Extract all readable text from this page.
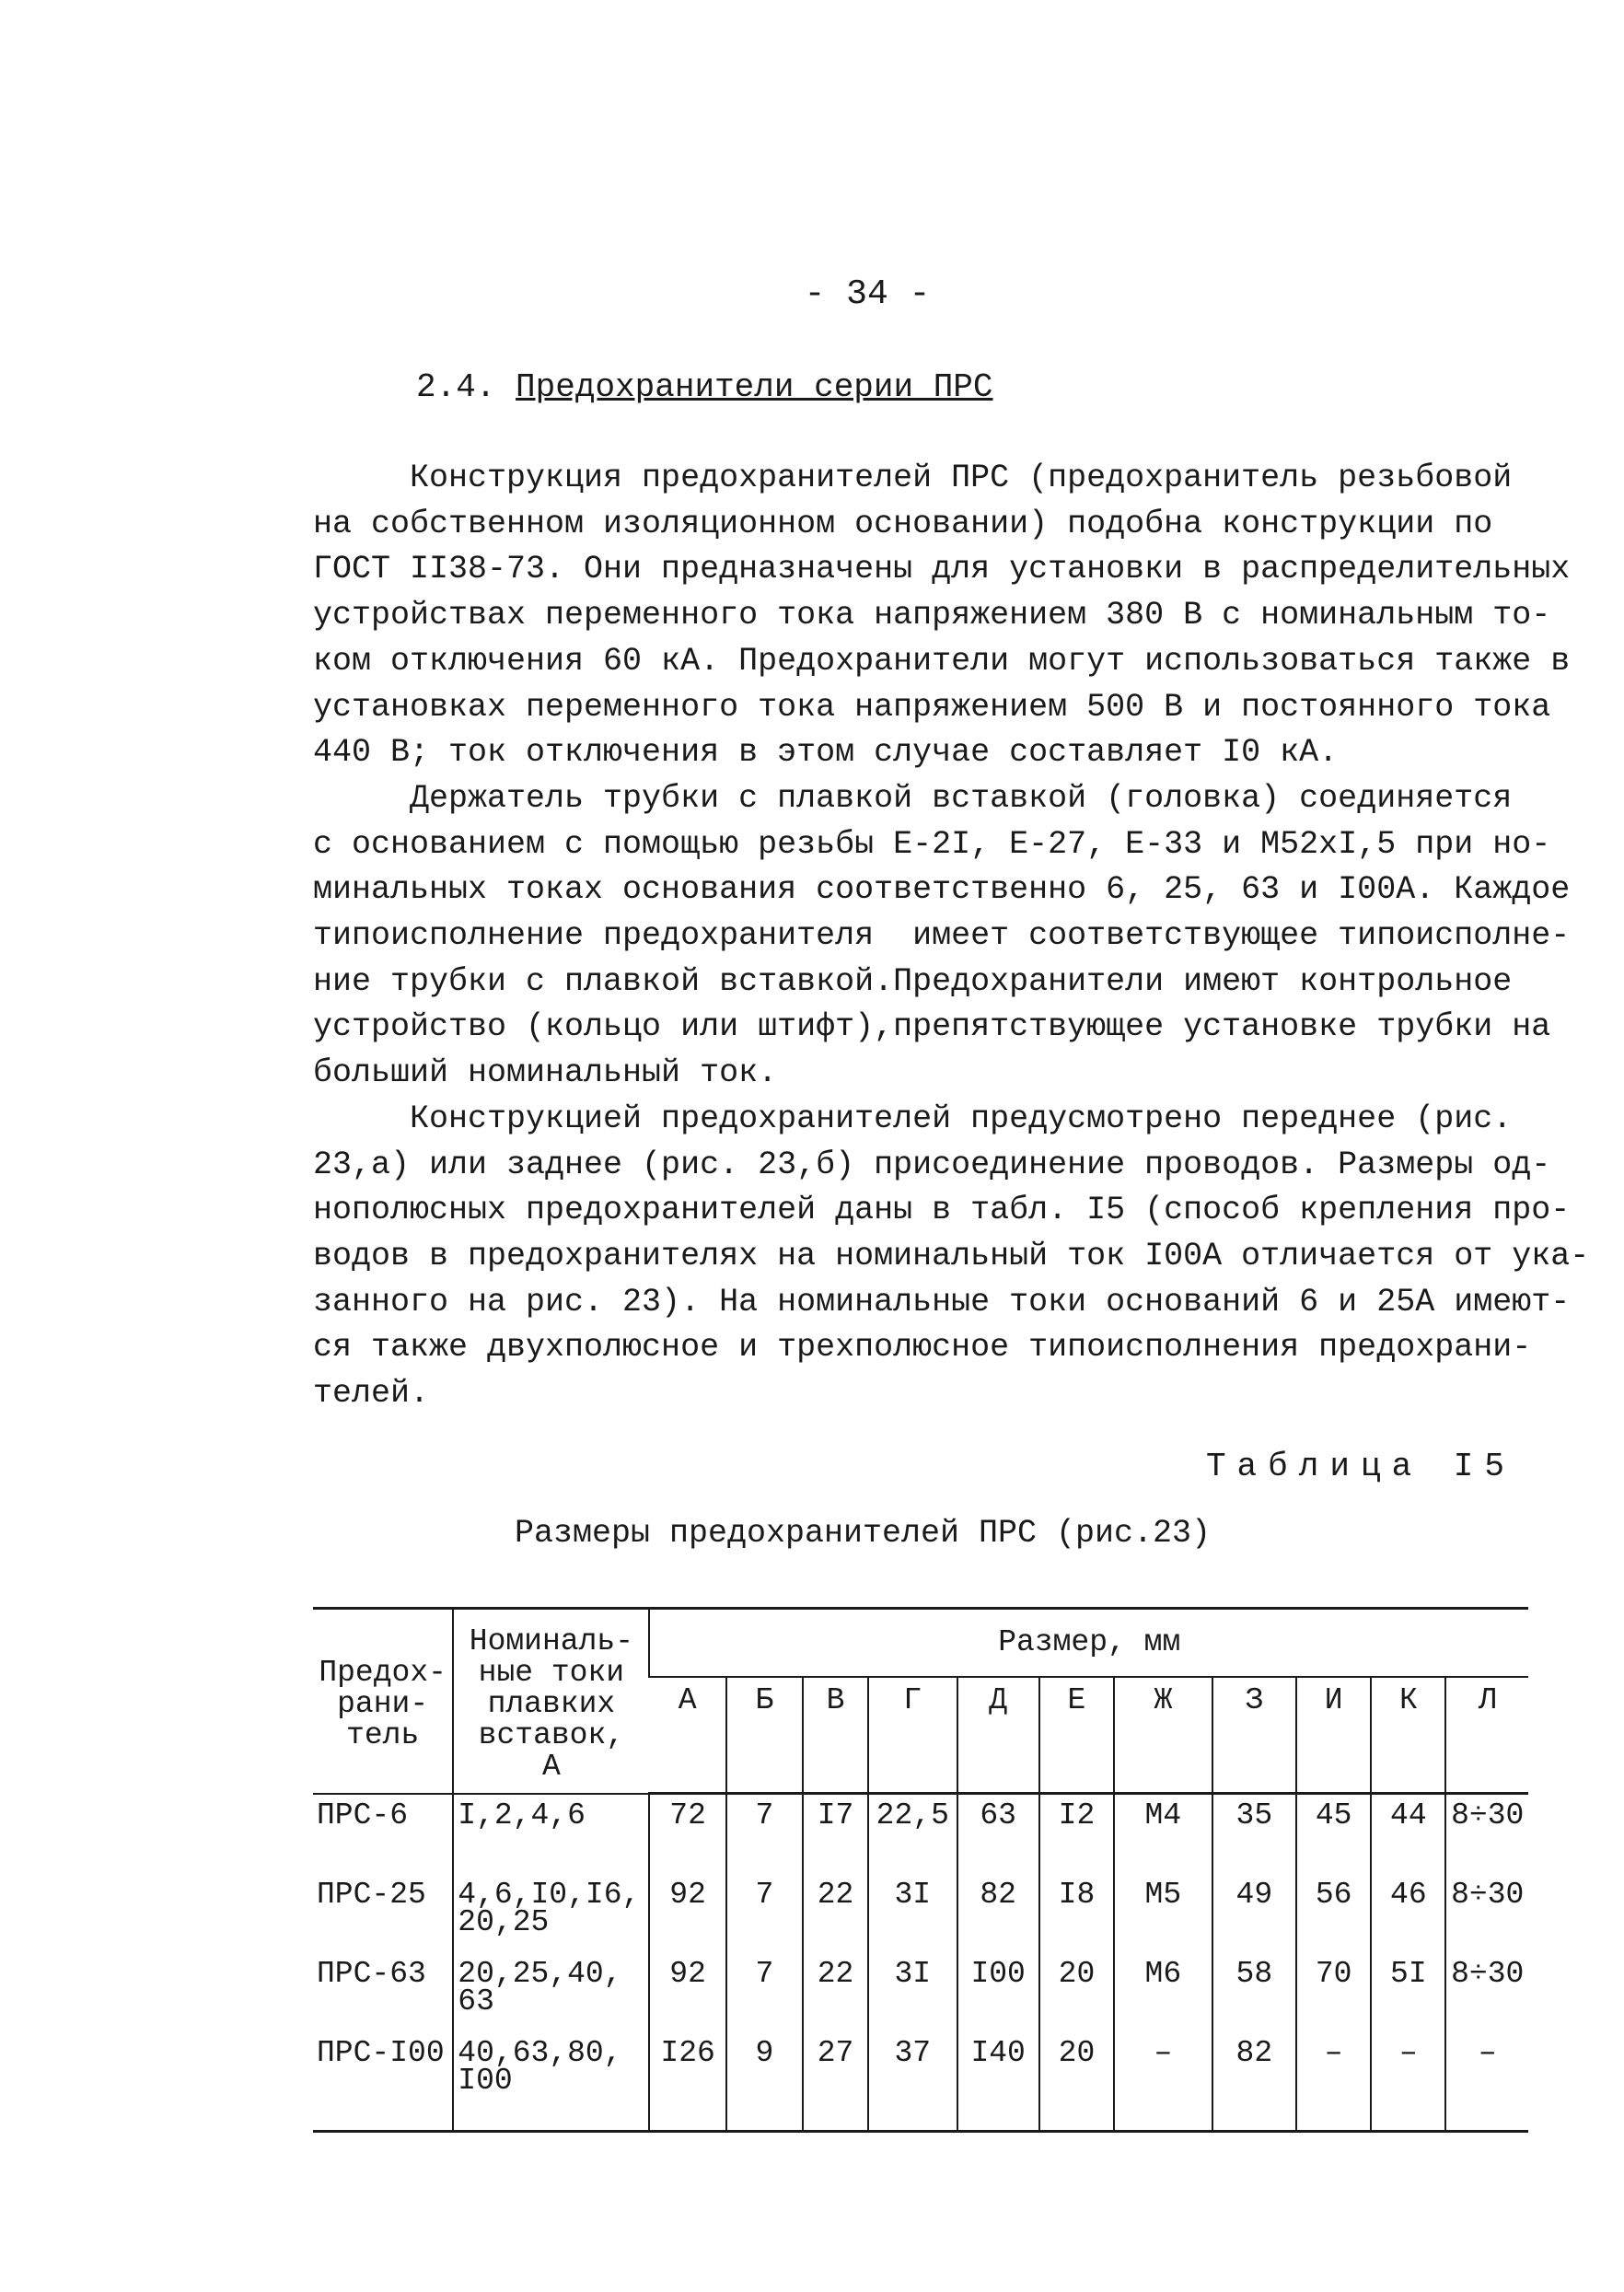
- 34 -
2.4. Предохранители серии ПРС
Конструкция предохранителей ПРС (предохранитель резьбовой
на собственном изоляционном основании) подобна конструкции по
ГОСТ II38-73. Они предназначены для установки в распределительных
устройствах переменного тока напряжением 380 В с номинальным то-
ком отключения 60 кА. Предохранители могут использоваться также в
установках переменного тока напряжением 500 В и постоянного тока
440 В; ток отключения в этом случае составляет I0 кА.
Держатель трубки с плавкой вставкой (головка) соединяется
с основанием с помощью резьбы Е-2I, Е-27, Е-33 и М52хI,5 при но-
минальных токах основания соответственно 6, 25, 63 и I00А. Каждое
типоисполнение предохранителя  имеет соответствующее типоисполне-
ние трубки с плавкой вставкой.Предохранители имеют контрольное
устройство (кольцо или штифт),препятствующее установке трубки на
больший номинальный ток.
Конструкцией предохранителей предусмотрено переднее (рис.
23,а) или заднее (рис. 23,б) присоединение проводов. Размеры од-
нополюсных предохранителей даны в табл. I5 (способ крепления про-
водов в предохранителях на номинальный ток I00А отличается от ука-
занного на рис. 23). На номинальные токи оснований 6 и 25А имеют-
ся также двухполюсное и трехполюсное типоисполнения предохрани-
телей.
Таблица I5
Размеры предохранителей ПРС (рис.23)
Предох-
рани-
тель	Номиналь-
ные токи
плавких
вставок,
А	Размер, мм										
		А	Б	В	Г	Д	Е	Ж	З	И	К	Л
ПРС-6	I,2,4,6	72	7	I7	22,5	63	I2	М4	35	45	44	8÷30
ПРС-25	4,6,I0,I6,
20,25	92	7	22	3I	82	I8	М5	49	56	46	8÷30
ПРС-63	20,25,40,
63	92	7	22	3I	I00	20	М6	58	70	5I	8÷30
ПРС-I00	40,63,80,
I00	I26	9	27	37	I40	20	–	82	–	–	–
